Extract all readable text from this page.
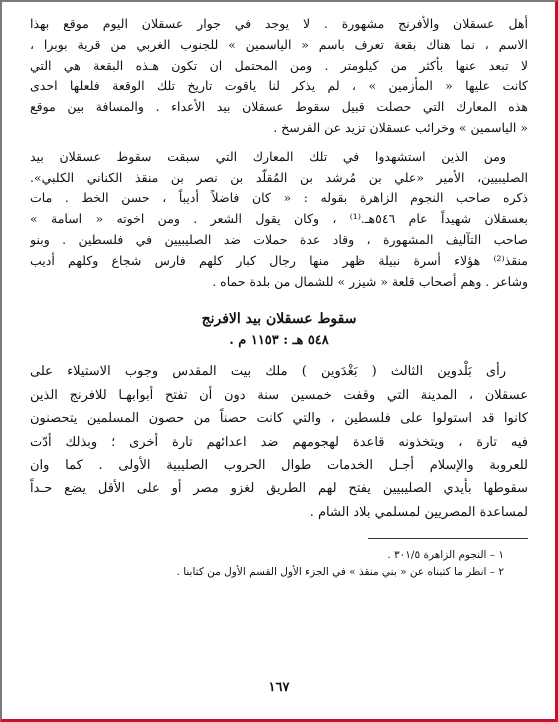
أهل عسقلان والأفرنج مشهورة . لا يوجد في جوار عسقلان اليوم موقع بهذا
الاسم ، نما هناك بقعة تعرف باسم « الياسمين » للجنوب الغربي من قرية بوبرا ،
لا تبعد عنها بأكثر من كيلومتر . ومن المحتمل ان تكون هـذه البقعة هي التي
كانت عليها « المأزمين » ، لم يذكر لنا ياقوت تاريخ تلك الوقعة فلعلها احدى
هذه المعارك التي حصلت قبيل سقوط عسقلان بيد الأعداء . والمسافة بين موقع
« الياسمين » وخرائب عسقلان تزيد عن الفرسخ .
ومن الذين استشهدوا في تلك المعارك التي سبقت سقوط عسقلان بيد
الصليبيين، الأمير «علي بن مُرشد بن المُقلّد بن نصر بن منقذ الكناني الكلبي».
ذكره صاحب النجوم الزاهرة بقوله : « كان فاضلاً أديباً ، حسن الخط . مات
بعسقلان شهيداً عام ٥٤٦هـ.⁽¹⁾ ، وكان يقول الشعر . ومن اخوته « اسامة »
صاحب التآليف المشهورة ، وقاد عدة حملات ضد الصليبيين في فلسطين . وبنو
منقذ⁽²⁾ هؤلاء أسرة نبيلة ظهر منها رجال كبار كلهم فارس شجاع وكلهم أديب
وشاعر . وهم أصحاب قلعة « شيزر » للشمال من بلدة حماه .
سقوط عسقلان بيد الافرنج
٥٤٨ هـ : ١١٥٣ م .
رأى بَلْدوين الثالث ( بَغْدَوين ) ملك بيت المقدس وجوب الاستيلاء على
عسقلان ، المدينة التي وقفت خمسين سنة دون أن تفتح أبوابهـا للافرنج الذين
كانوا قد استولوا على فلسطين ، والتي كانت حصناً من حصون المسلمين يتحصنون
فيه تارة ، ويتخذونه قاعدة لهجومهم ضد اعدائهم تارة أخرى ؛ وبذلك أدّت
للعروبة والإسلام أجـل الخدمات طوال الحروب الصليبية الأولى . كما وان
سقوطها بأيدي الصليبيين يفتح لهم الطريق لغزو مصر أو على الأقل يضع حـداً
لمساعدة المصريين لمسلمي بلاد الشام .
١ – النجوم الزاهرة ٣٠١/٥ .
٢ – انظر ما كتبناه عن « بني منقذ » في الجزء الأول القسم الأول من كتابنا .
١٦٧
